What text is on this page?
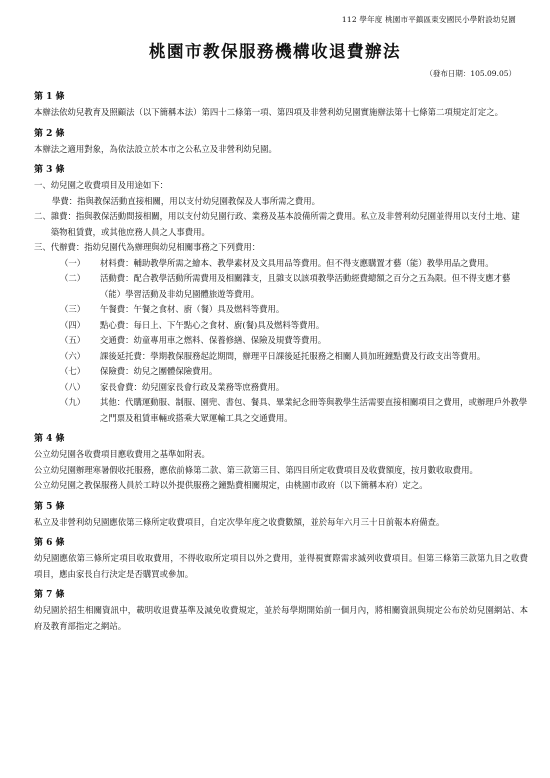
112 學年度 桃園市平鎮區東安國民小學附設幼兒園
桃園市教保服務機構收退費辦法
（發布日期：105.09.05）
第 1 條
本辦法依幼兒教育及照顧法（以下簡稱本法）第四十二條第一項、第四項及非營利幼兒園實施辦法第十七條第二項規定訂定之。
第 2 條
本辦法之適用對象，為依法設立於本市之公私立及非營利幼兒園。
第 3 條
一、 幼兒園之收費項目及用途如下：
學費：指與教保活動直接相關，用以支付幼兒園教保及人事所需之費用。
二、 雜費：指與教保活動間接相關，用以支付幼兒園行政、業務及基本設備所需之費用。私立及非營利幼兒園並得用以支付土地、建築物租賃費，或其他庶務人員之人事費用。
三、 代辦費：指幼兒園代為辦理與幼兒相關事務之下列費用：
（一）	材料費：輔助教學所需之繪本、教學素材及文具用品等費用。但不得支應購置才藝（能）教學用品之費用。
（二）	活動費：配合教學活動所需費用及相關雜支，且雜支以該項教學活動經費總額之百分之五為限。但不得支應才藝（能）學習活動及非幼兒園體旅遊等費用。
（三）	午餐費：午餐之食材、廚（餐）具及燃料等費用。
（四）	點心費：每日上、下午點心之食材、廚(餐)具及燃料等費用。
（五）	交通費：幼童專用車之燃料、保養修繕、保險及規費等費用。
（六）	課後延托費：學期教保服務起訖期間，辦理平日課後延托服務之相關人員加班鐘點費及行政支出等費用。
（七）	保險費：幼兒之團體保險費用。
（八）	家長會費：幼兒園家長會行政及業務等庶務費用。
（九）	其他：代購運動服、制服、園兜、書包、餐具、畢業紀念冊等與教學生活需要直接相關項目之費用，或辦理戶外教學之門票及租賃車輛或搭乘大眾運輸工具之交通費用。
第 4 條
公立幼兒園各收費項目應收費用之基準如附表。
公立幼兒園辦理寒暑假收托服務，應依前條第二款、第三款第三目、第四目所定收費項目及收費額度，按月數收取費用。
公立幼兒園之教保服務人員於工時以外提供服務之鐘點費相關規定，由桃園市政府（以下簡稱本府）定之。
第 5 條
私立及非營利幼兒園應依第三條所定收費項目，自定次學年度之收費數額，並於每年六月三十日前報本府備查。
第 6 條
幼兒園應依第三條所定項目收取費用，不得收取所定項目以外之費用，並得視實際需求減列收費項目。但第三條第三款第九目之收費項目，應由家長自行決定是否購買或參加。
第 7 條
幼兒園於招生相關資訊中，載明收退費基準及減免收費規定，並於每學期開始前一個月內，將相關資訊與規定公布於幼兒園網站、本府及教育部指定之網站。
